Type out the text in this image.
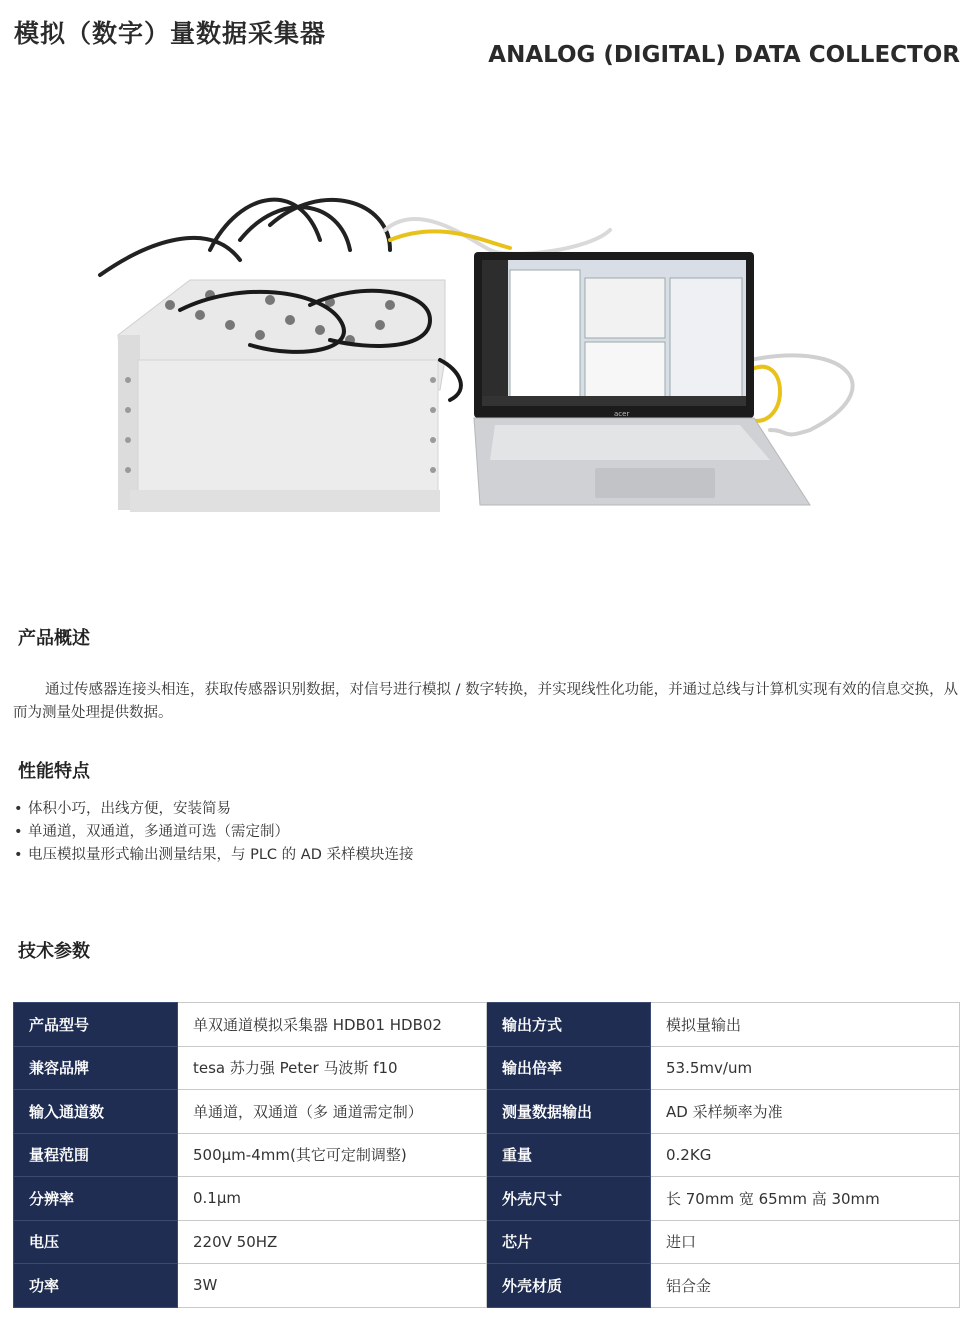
模拟（数字）量数据采集器
ANALOG (DIGITAL) DATA COLLECTOR
acer
产品概述

通过传感器连接头相连，获取传感器识别数据，对信号进行模拟 / 数字转换，并实现线性化功能，并通过总线与计算机实现有效的信息交换，从而为测量处理提供数据。

性能特点
• 体积小巧，出线方便，安装简易
• 单通道，双通道，多通道可选（需定制）
• 电压模拟量形式输出测量结果，与 PLC 的 AD 采样模块连接
技术参数
产品型号	单双通道模拟采集器 HDB01 HDB02	输出方式	模拟量输出
兼容品牌	tesa 苏力强 Peter 马波斯 f10	输出倍率	53.5mv/um
输入通道数	单通道，双通道（多 通道需定制）	测量数据输出	AD 采样频率为准
量程范围	500µm-4mm(其它可定制调整)	重量	0.2KG
分辨率	0.1µm	外壳尺寸	长 70mm 宽 65mm 高 30mm
电压	220V 50HZ	芯片	进口
功率	3W	外壳材质	铝合金
